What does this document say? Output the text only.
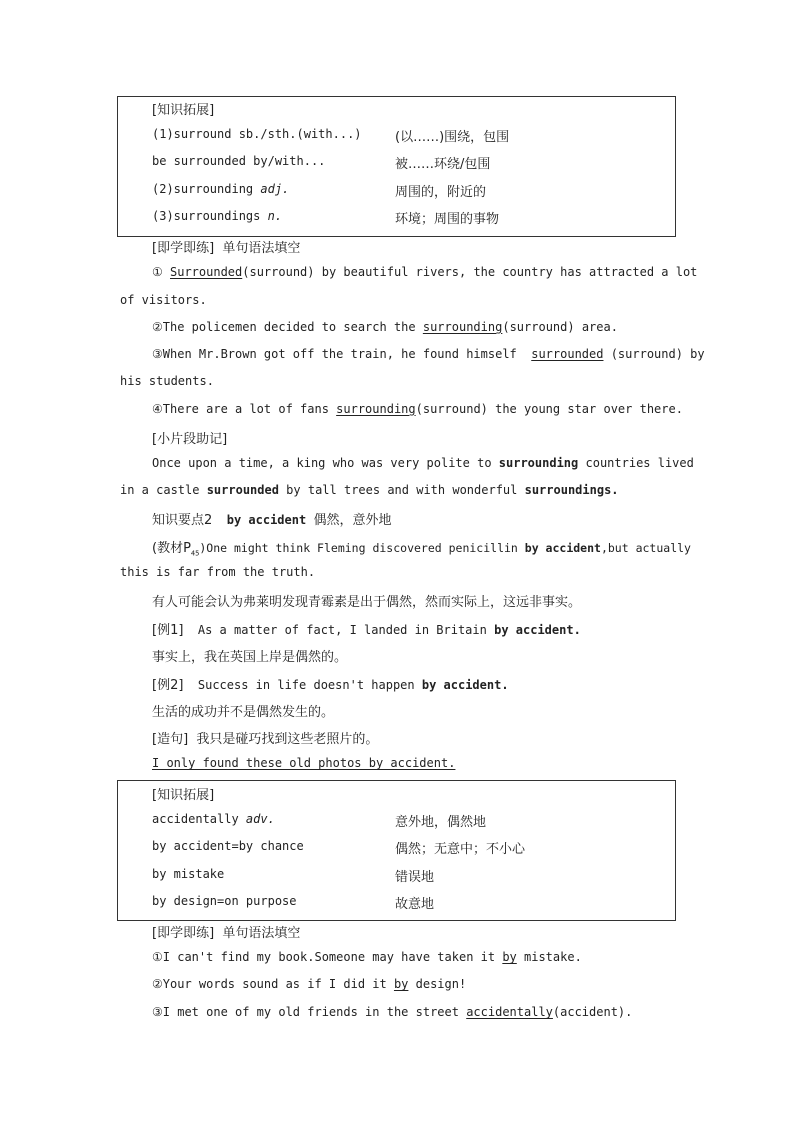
[知识拓展]
(1)surround sb./sth.(with...)	(以……)围绕，包围
be surrounded by/with...	被……环绕/包围
(2)surrounding adj.	周围的，附近的
(3)surroundings n.	环境；周围的事物
[即学即练]  单句语法填空
① Surrounded(surround) by beautiful rivers, the country has attracted a lot
of visitors.
②The policemen decided to search the surrounding(surround) area.
③When Mr.Brown got off the train, he found himself  surrounded (surround) by
his students.
④There are a lot of fans surrounding(surround) the young star over there.
[小片段助记]
Once upon a time, a king who was very polite to surrounding countries lived
in a castle surrounded by tall trees and with wonderful surroundings.
知识要点2 by accident 偶然，意外地
(教材$P_{45})One$ might think Fleming discovered penicillin by accident,but actually
this is far from the truth.
有人可能会认为弗莱明发现青霉素是出于偶然，然而实际上，这远非事实。
[例1] As a matter of fact, I landed in Britain by accident.
事实上，我在英国上岸是偶然的。
[例2] Success in life doesn't happen by accident.
生活的成功并不是偶然发生的。
[造句] 我只是碰巧找到这些老照片的。
I only found these old photos by accident.
[知识拓展]
accidentally adv.	意外地，偶然地
by accident=by chance	偶然；无意中；不小心
by mistake	错误地
by design=on purpose	故意地
[即学即练]  单句语法填空
①I can't find my book.Someone may have taken it by mistake.
②Your words sound as if I did it by design!
③I met one of my old friends in the street accidentally(accident).
